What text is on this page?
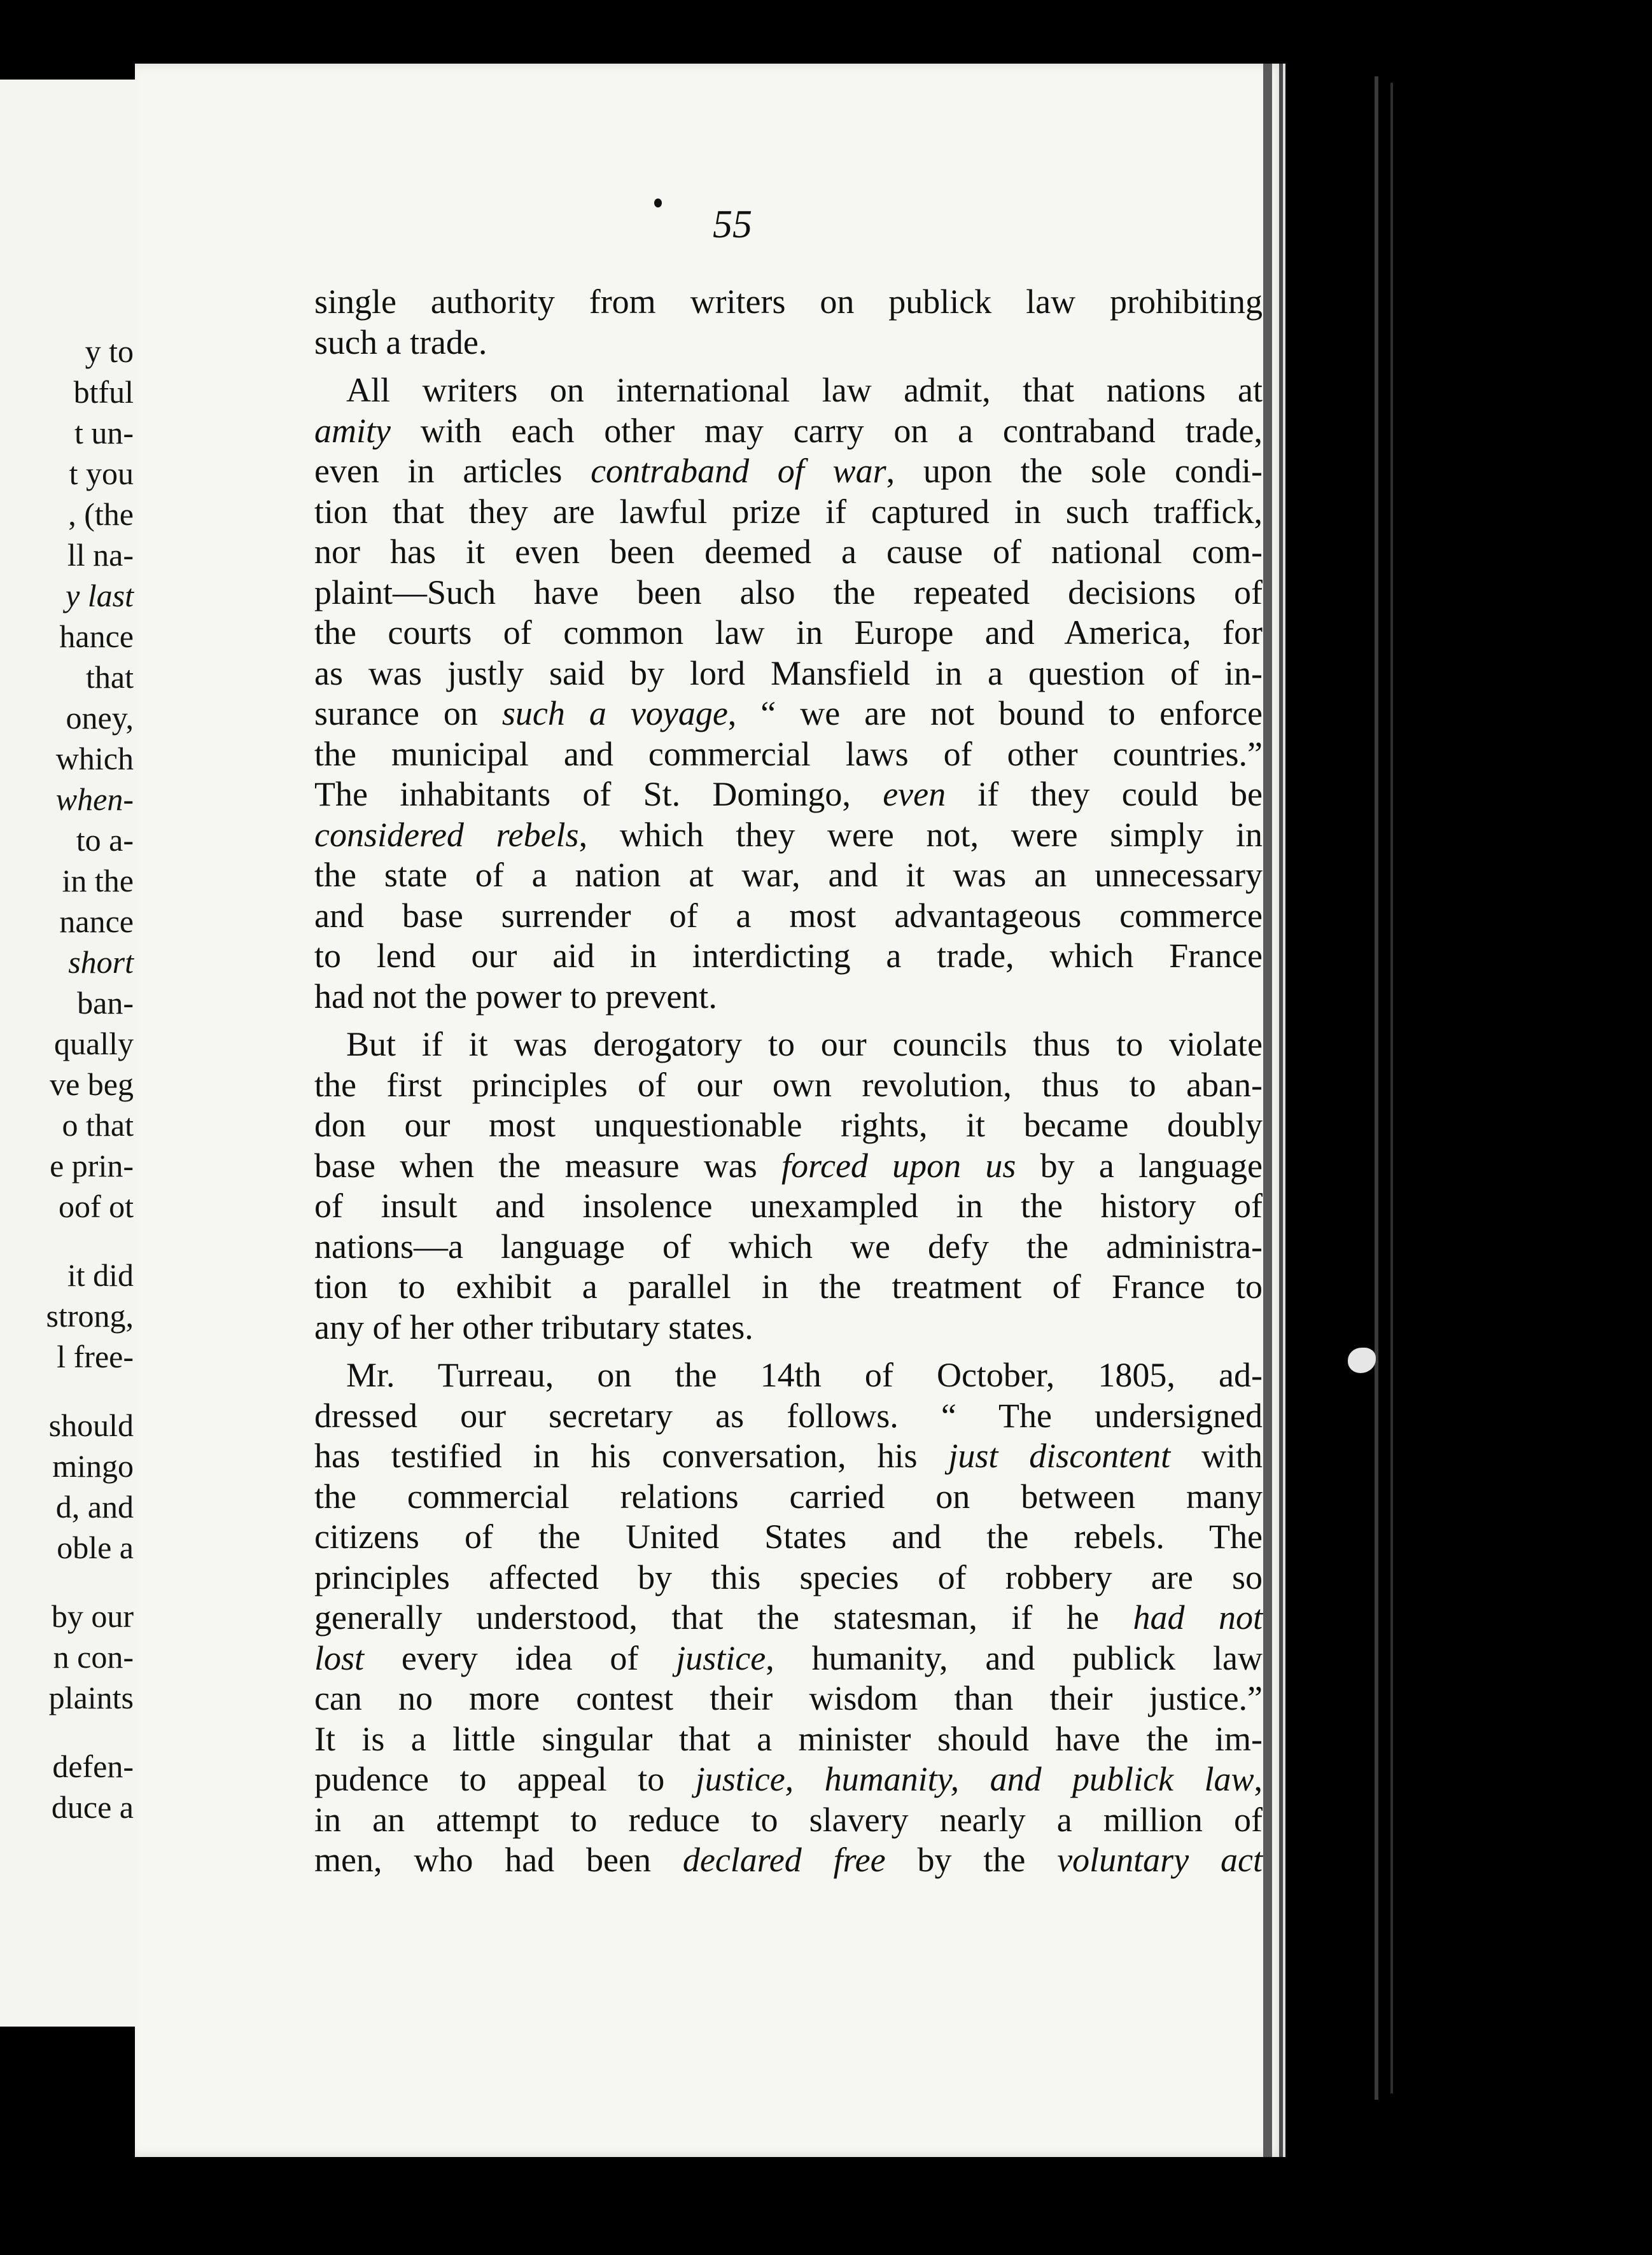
y to
btful
t un-
t you
, (the
ll na-
y last
hance
that
oney,
which
when-
to a-
in the
nance
short
ban-
qually
ve beg
o that
e prin-
oof ot
it did
strong,
l free-
should
mingo
d, and
oble a
by our
n con-
plaints
defen-
duce a
55
single authority from writers on publick law prohibiting
such a trade.
All writers on international law admit, that nations at
amity with each other may carry on a contraband trade,
even in articles contraband of war, upon the sole condi-
tion that they are lawful prize if captured in such traffick,
nor has it even been deemed a cause of national com-
plaint—Such have been also the repeated decisions of
the courts of common law in Europe and America, for
as was justly said by lord Mansfield in a question of in-
surance on such a voyage, “ we are not bound to enforce
the municipal and commercial laws of other countries.”
The inhabitants of St. Domingo, even if they could be
considered rebels, which they were not, were simply in
the state of a nation at war, and it was an unnecessary
and base surrender of a most advantageous commerce
to lend our aid in interdicting a trade, which France
had not the power to prevent.
But if it was derogatory to our councils thus to violate
the first principles of our own revolution, thus to aban-
don our most unquestionable rights, it became doubly
base when the measure was forced upon us by a language
of insult and insolence unexampled in the history of
nations—a language of which we defy the administra-
tion to exhibit a parallel in the treatment of France to
any of her other tributary states.
Mr. Turreau, on the 14th of October, 1805, ad-
dressed our secretary as follows. “ The undersigned
has testified in his conversation, his just discontent with
the commercial relations carried on between many
citizens of the United States and the rebels. The
principles affected by this species of robbery are so
generally understood, that the statesman, if he had not
lost every idea of justice, humanity, and publick law
can no more contest their wisdom than their justice.”
It is a little singular that a minister should have the im-
pudence to appeal to justice, humanity, and publick law,
in an attempt to reduce to slavery nearly a million of
men, who had been declared free by the voluntary act
